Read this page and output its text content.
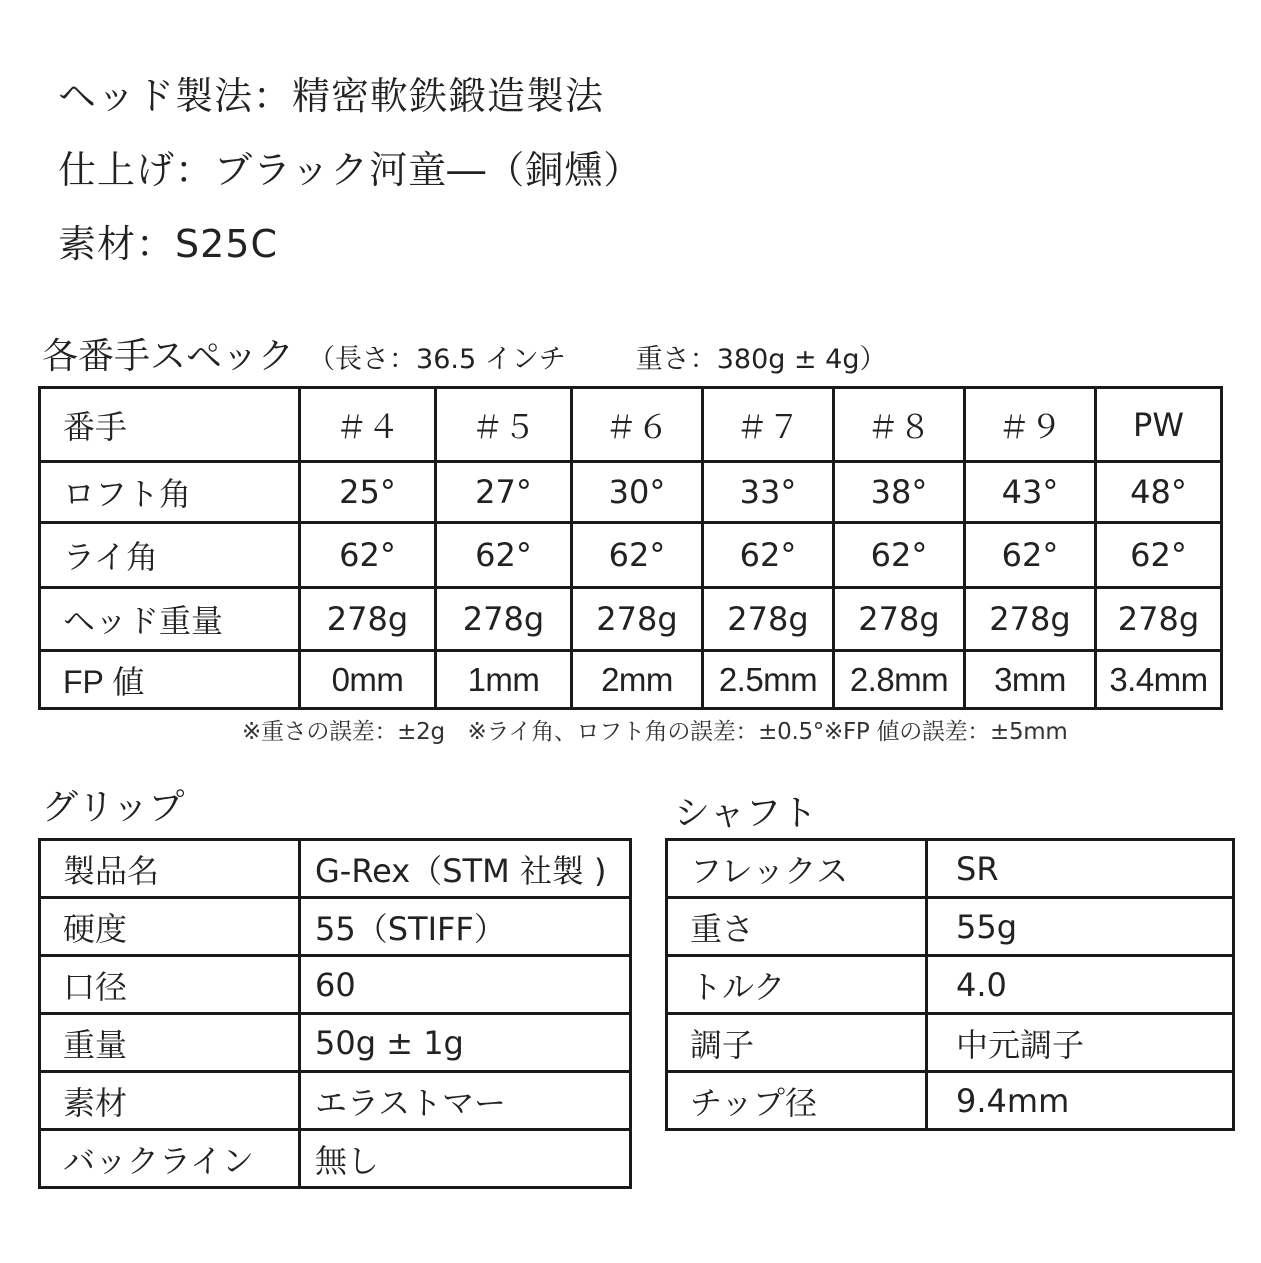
ヘッド製法：精密軟鉄鍛造製法
仕上げ：ブラック河童―（銅燻）
素材：S25C
各番手スペック （長さ：36.5 インチ	重さ：380g ± 4g）
番手	＃４	＃５	＃６	＃７	＃８	＃９	PW
ロフト角	25°	27°	30°	33°	38°	43°	48°
ライ角	62°	62°	62°	62°	62°	62°	62°
ヘッド重量	278g	278g	278g	278g	278g	278g	278g
FP 値	0mm	1mm	2mm	2.5mm	2.8mm	3mm	3.4mm
※重さの誤差：±2g　※ライ角、ロフト角の誤差：±0.5°※FP 値の誤差：±5mm
グリップ	シャフト
製品名	G-Rex（STM 社製 )
硬度	55（STIFF）
口径	60
重量	50g ± 1g
素材	エラストマー
バックライン	無し
フレックス	SR
重さ	55g
トルク	4.0
調子	中元調子
チップ径	9.4mm
